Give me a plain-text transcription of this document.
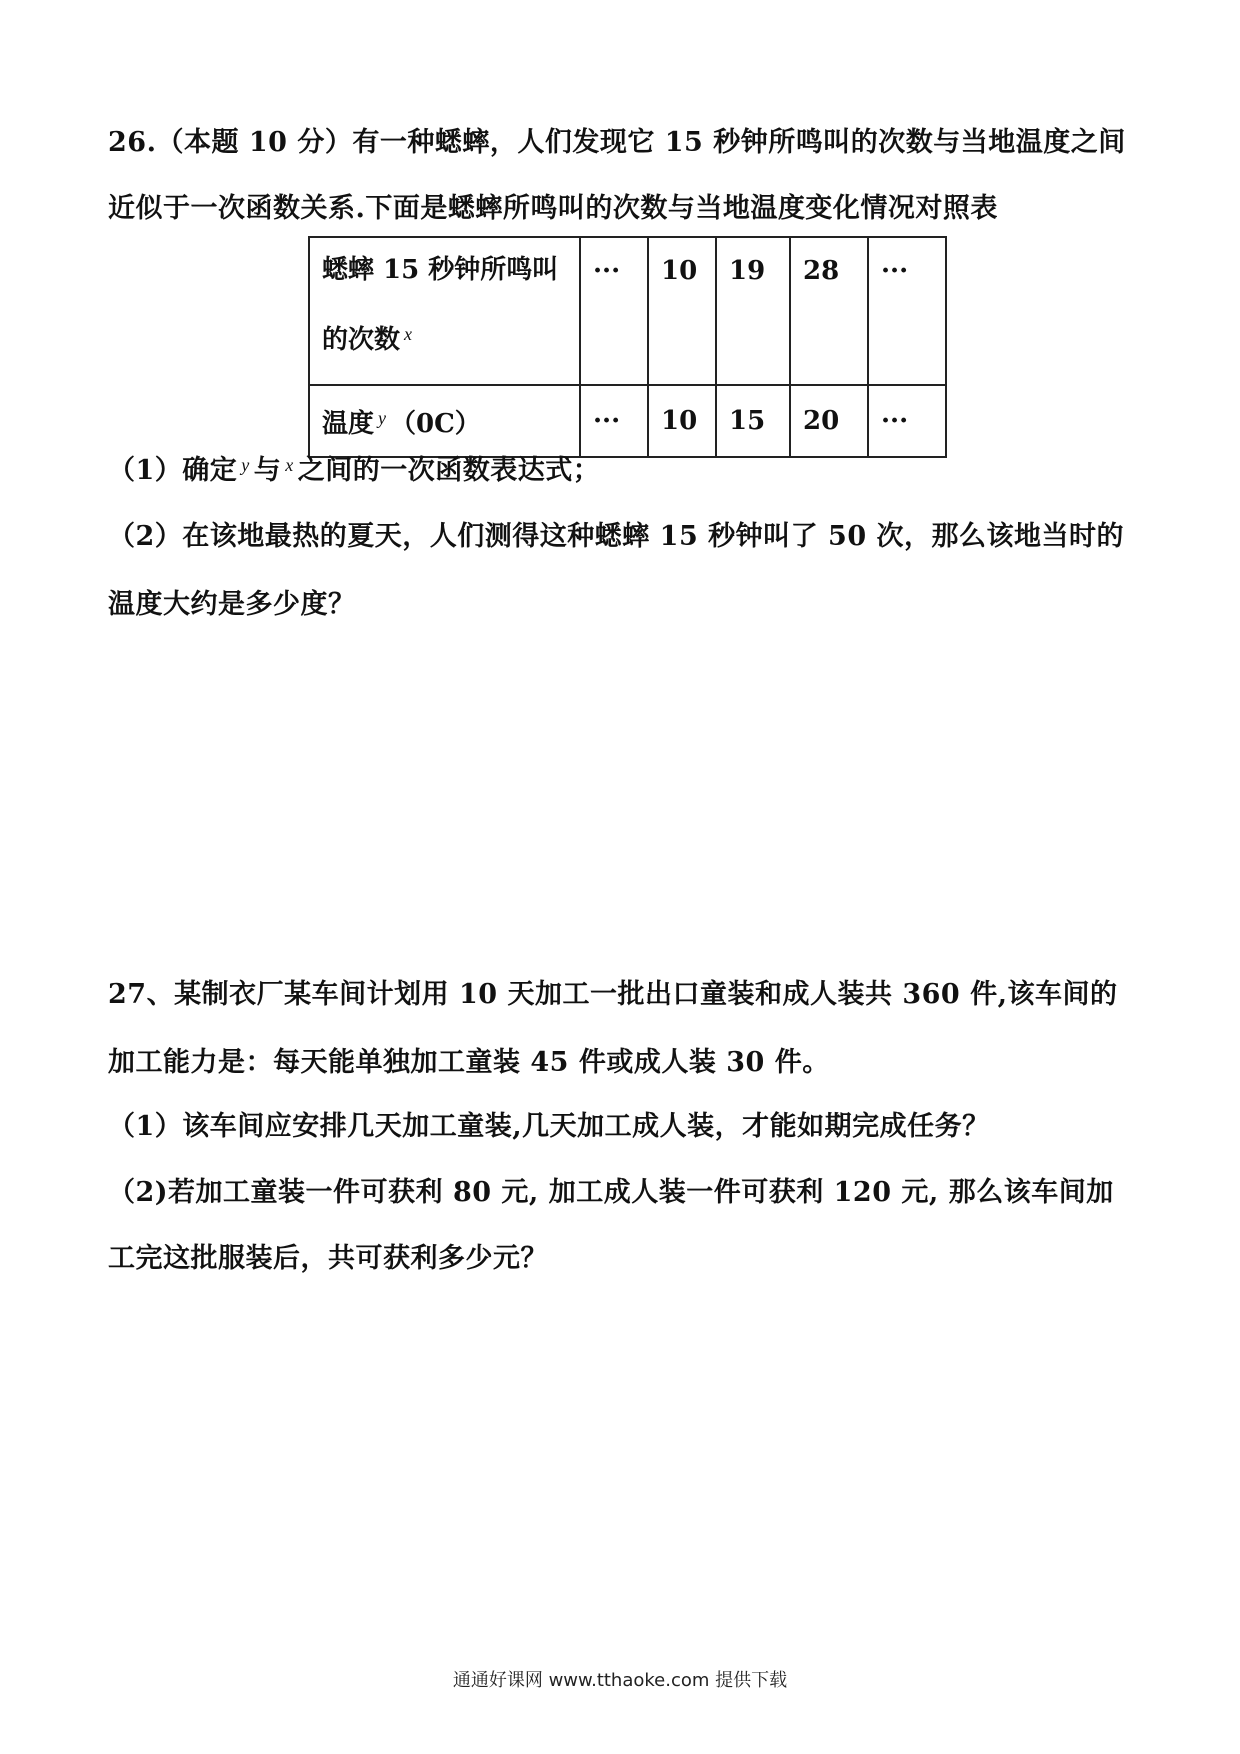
26.（本题 10 分）有一种蟋蟀，人们发现它 15 秒钟所鸣叫的次数与当地温度之间
近似于一次函数关系.下面是蟋蟀所鸣叫的次数与当地温度变化情况对照表
蟋蟀 15 秒钟所鸣叫
的次数 $^x$	···	10	19	28	···
温度 $^y$ （0C）	···	10	15	20	···
（1）确定 $^y$ 与 $^x$ 之间的一次函数表达式；
（2）在该地最热的夏天，人们测得这种蟋蟀 15 秒钟叫了 50 次，那么该地当时的
温度大约是多少度？
27、某制衣厂某车间计划用 10 天加工一批出口童装和成人装共 360 件,该车间的
加工能力是：每天能单独加工童装 45 件或成人装 30 件。
（1）该车间应安排几天加工童装,几天加工成人装，才能如期完成任务？
（2)若加工童装一件可获利 80 元, 加工成人装一件可获利 120 元, 那么该车间加
工完这批服装后，共可获利多少元？
通通好课网 www.tthaoke.com 提供下载
